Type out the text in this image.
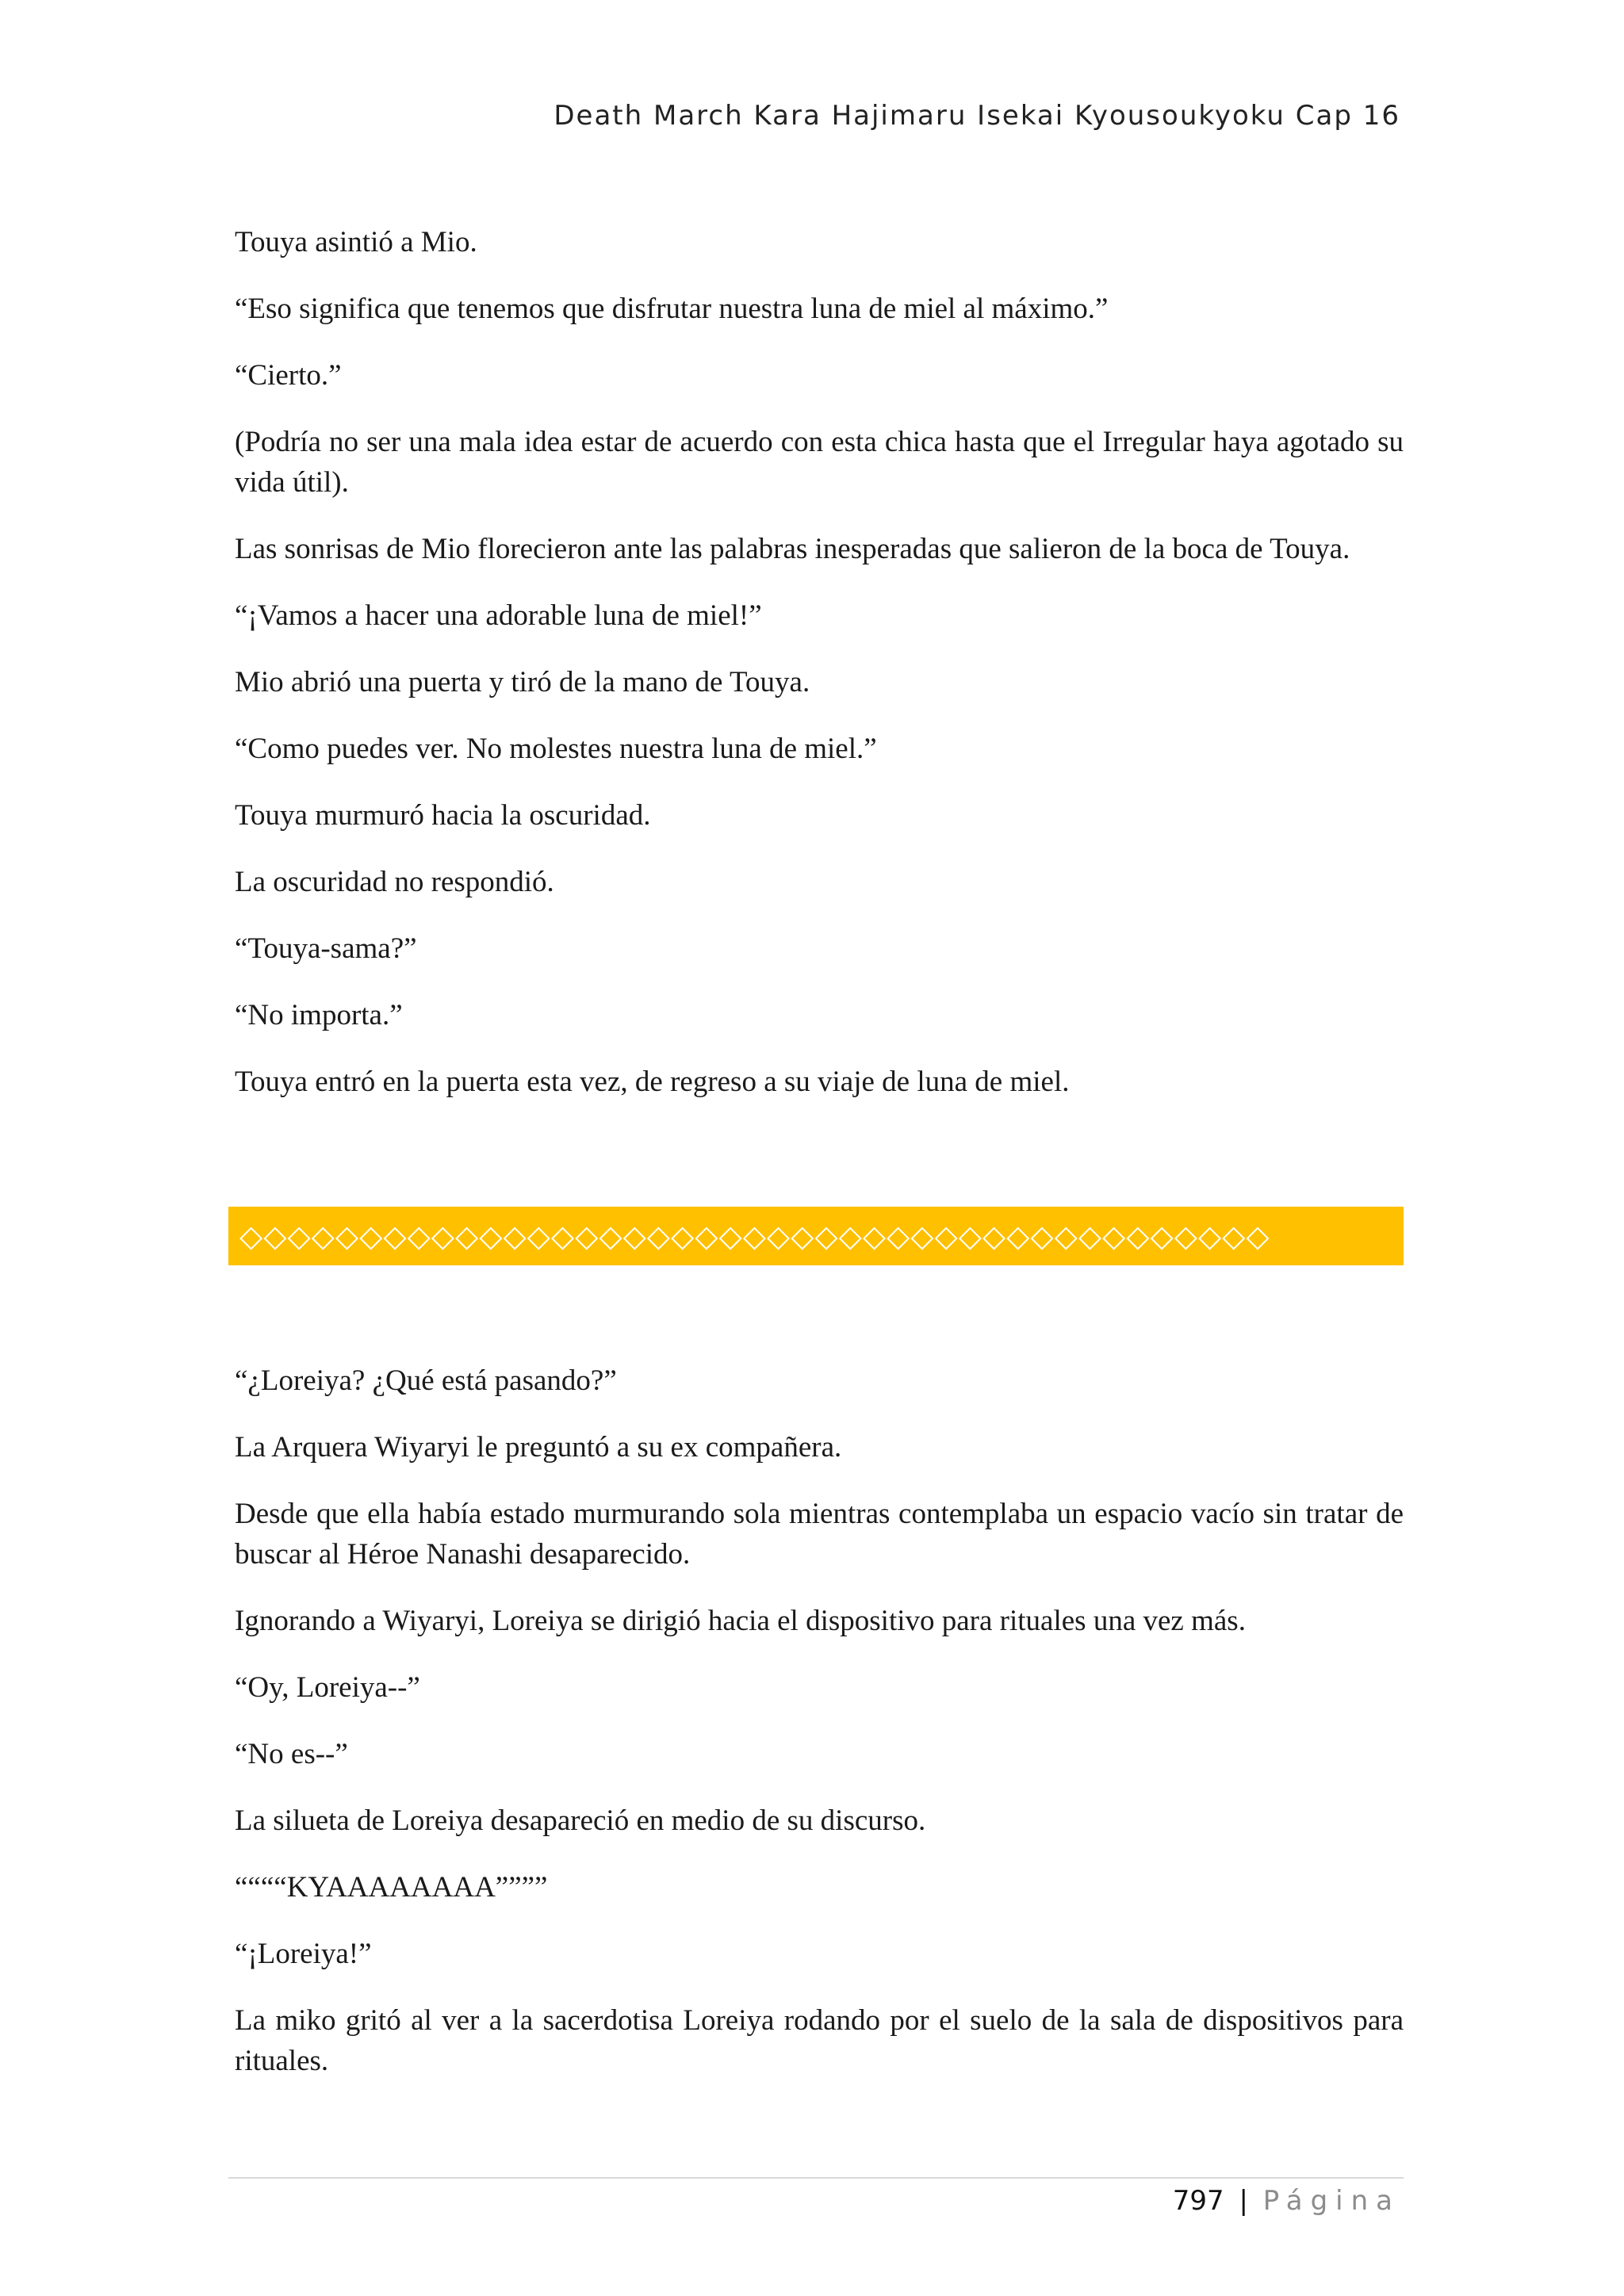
Death March Kara Hajimaru Isekai Kyousoukyoku Cap 16

Touya asintió a Mio.

“Eso significa que tenemos que disfrutar nuestra luna de miel al máximo.”

“Cierto.”

(Podría no ser una mala idea estar de acuerdo con esta chica hasta que el Irregular haya agotado su vida útil).

Las sonrisas de Mio florecieron ante las palabras inesperadas que salieron de la boca de Touya.

“¡Vamos a hacer una adorable luna de miel!”

Mio abrió una puerta y tiró de la mano de Touya.

“Como puedes ver. No molestes nuestra luna de miel.”

Touya murmuró hacia la oscuridad.

La oscuridad no respondió.

“Touya-sama?”

“No importa.”

Touya entró en la puerta esta vez, de regreso a su viaje de luna de miel.

◇◇◇◇◇◇◇◇◇◇◇◇◇◇◇◇◇◇◇◇◇◇◇◇◇◇◇◇◇◇◇◇◇◇◇◇◇◇◇◇◇◇◇

“¿Loreiya? ¿Qué está pasando?”

La Arquera Wiyaryi le preguntó a su ex compañera.

Desde que ella había estado murmurando sola mientras contemplaba un espacio vacío sin tratar de buscar al Héroe Nanashi desaparecido.

Ignorando a Wiyaryi, Loreiya se dirigió hacia el dispositivo para rituales una vez más.

“Oy, Loreiya--”

“No es--”

La silueta de Loreiya desapareció en medio de su discurso.

““““KYAAAAAAAA””””

“¡Loreiya!”

La miko gritó al ver a la sacerdotisa Loreiya rodando por el suelo de la sala de dispositivos para rituales.

797 | Página
